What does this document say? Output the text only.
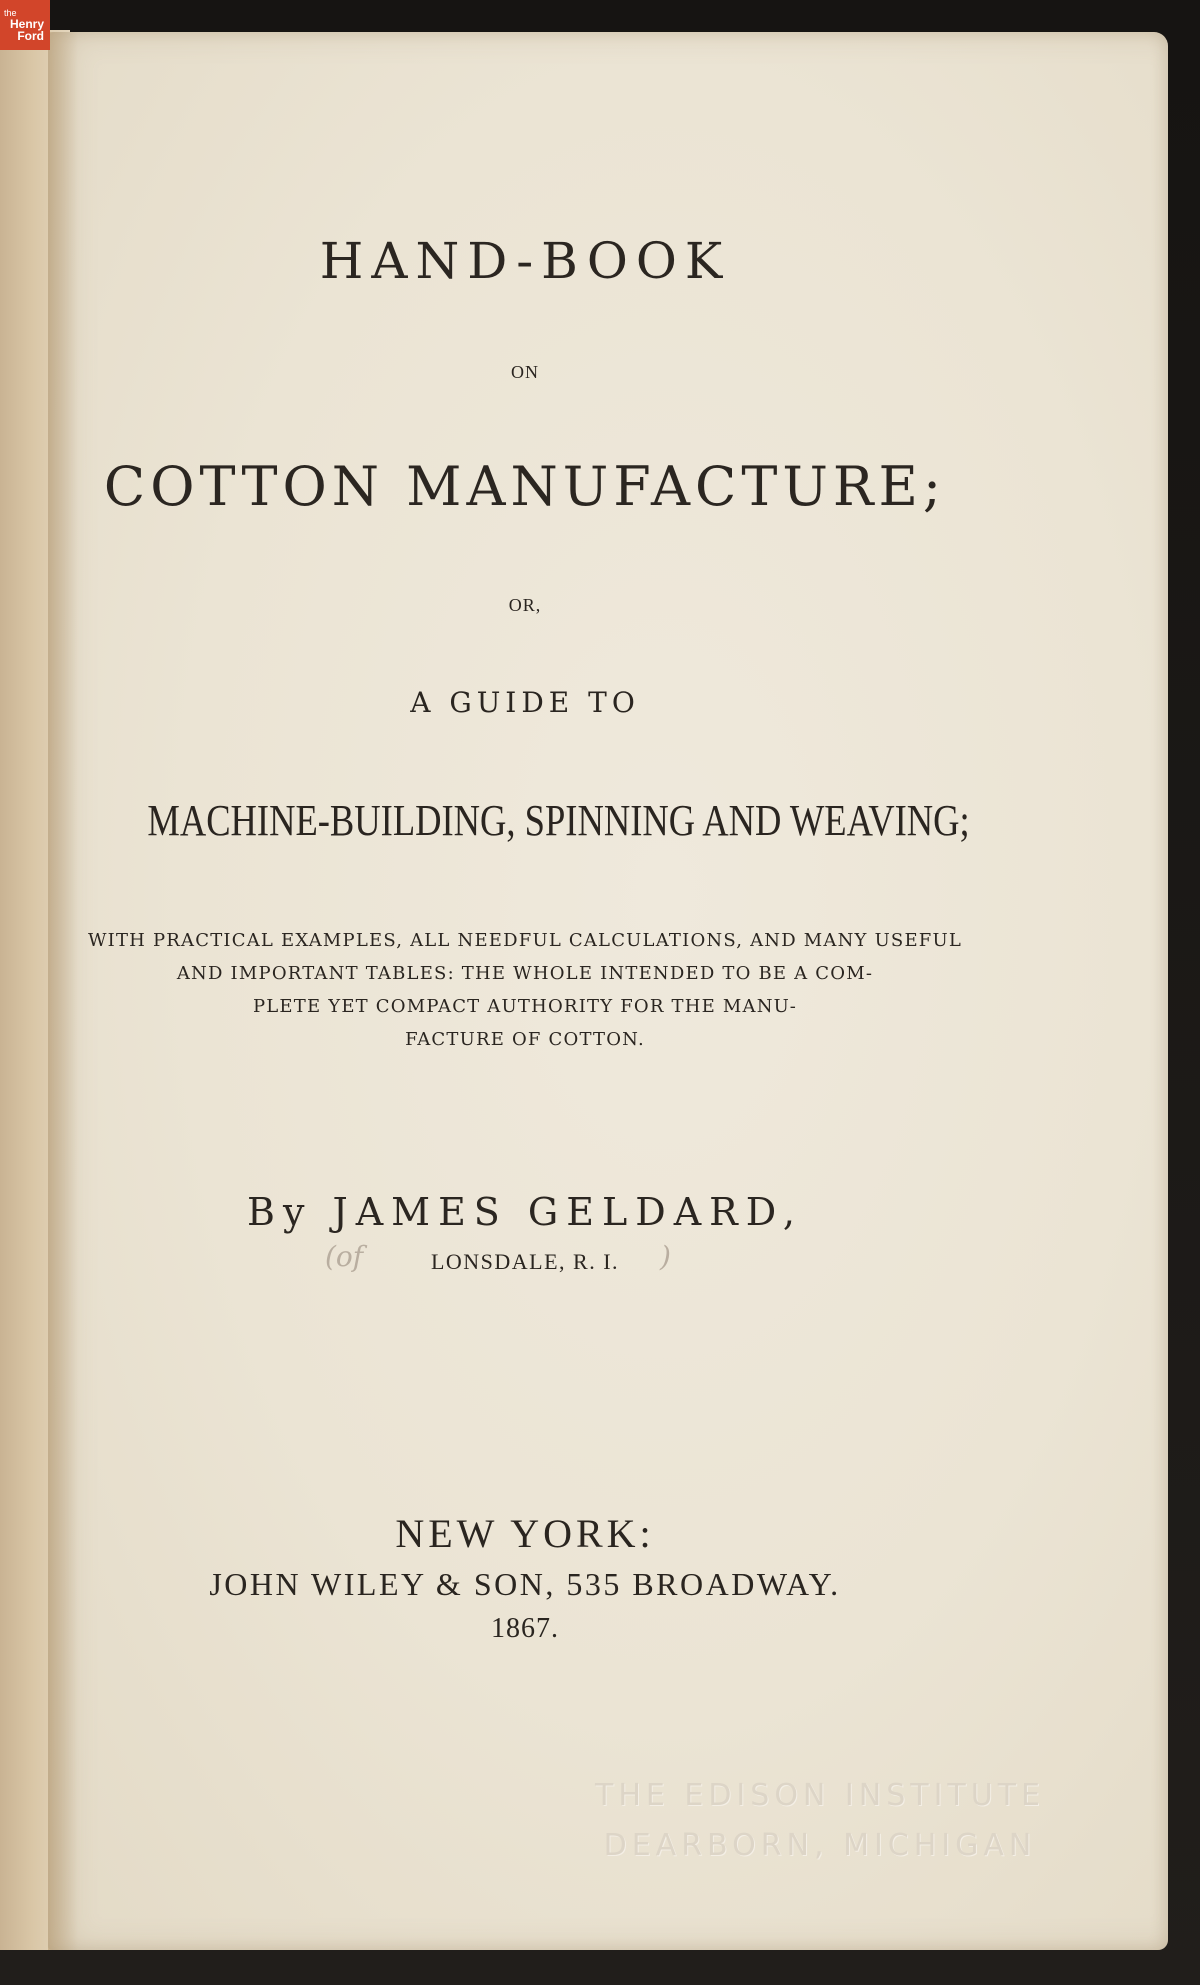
the
Henry
Ford
HAND-BOOK
ON
COTTON MANUFACTURE;
OR,
A GUIDE TO
MACHINE-BUILDING, SPINNING AND WEAVING;
WITH PRACTICAL EXAMPLES, ALL NEEDFUL CALCULATIONS, AND MANY USEFUL
AND IMPORTANT TABLES: THE WHOLE INTENDED TO BE A COM-
PLETE YET COMPACT AUTHORITY FOR THE MANU-
FACTURE OF COTTON.
By JAMES GELDARD,
LONSDALE, R. I.
(of	)
NEW YORK:
JOHN WILEY & SON, 535 BROADWAY.
1867.
THE EDISON INSTITUTE
DEARBORN, MICHIGAN
